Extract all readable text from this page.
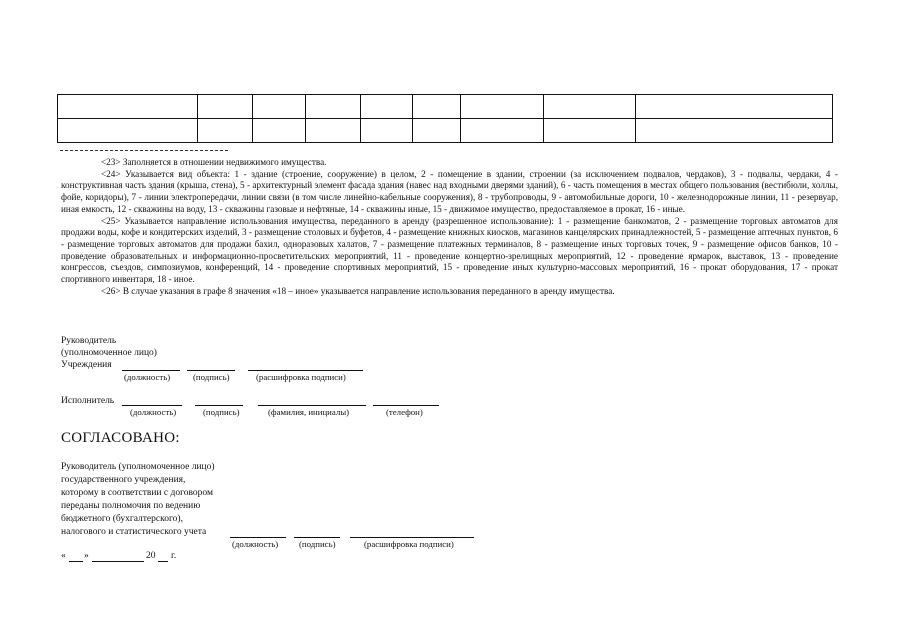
<23> Заполняется в отношении недвижимого имущества.

<24> Указывается вид объекта: 1 - здание (строение, сооружение) в целом, 2 - помещение в здании, строении (за исключением подвалов, чердаков), 3 - подвалы, чердаки, 4 - конструктивная часть здания (крыша, стена), 5 - архитектурный элемент фасада здания (навес над входными дверями зданий), 6 - часть помещения в местах общего пользования (вестибюли, холлы, фойе, коридоры), 7 - линии электропередачи, линии связи (в том числе линейно-кабельные сооружения), 8 - трубопроводы, 9 - автомобильные дороги, 10 - железнодорожные линии, 11 - резервуар, иная емкость, 12 - скважины на воду, 13 - скважины газовые и нефтяные, 14 - скважины иные, 15 - движимое имущество, предоставляемое в прокат, 16 - иные.

<25> Указывается направление использования имущества, переданного в аренду (разрешенное использование): 1 - размещение банкоматов, 2 - размещение торговых автоматов для продажи воды, кофе и кондитерских изделий, 3 - размещение столовых и буфетов, 4 - размещение книжных киосков, магазинов канцелярских принадлежностей, 5 - размещение аптечных пунктов, 6 - размещение торговых автоматов для продажи бахил, одноразовых халатов, 7 - размещение платежных терминалов, 8 - размещение иных торговых точек, 9 - размещение офисов банков, 10 - проведение образовательных и информационно-просветительских мероприятий, 11 - проведение концертно-зрелищных мероприятий, 12 - проведение ярмарок, выставок, 13 - проведение конгрессов, съездов, симпозиумов, конференций, 14 - проведение спортивных мероприятий, 15 - проведение иных культурно-массовых мероприятий, 16 - прокат оборудования, 17 - прокат спортивного инвентаря, 18 - иное.

<26> В случае указания в графе 8 значения «18 – иное» указывается направление использования переданного в аренду имущества.

Руководитель
(уполномоченное лицо)
Учреждения
(должность)	(подпись)	(расшифровка подписи)
Исполнитель
(должность)	(подпись)	(фамилия, инициалы)	(телефон)
СОГЛАСОВАНО:
Руководитель (уполномоченное лицо)
государственного учреждения,
которому в соответствии с договором
переданы полномочия по ведению
бюджетного (бухгалтерского),
налогового и статистического учета
(должность) (подпись)	(расшифровка подписи)
« »	20 г.
